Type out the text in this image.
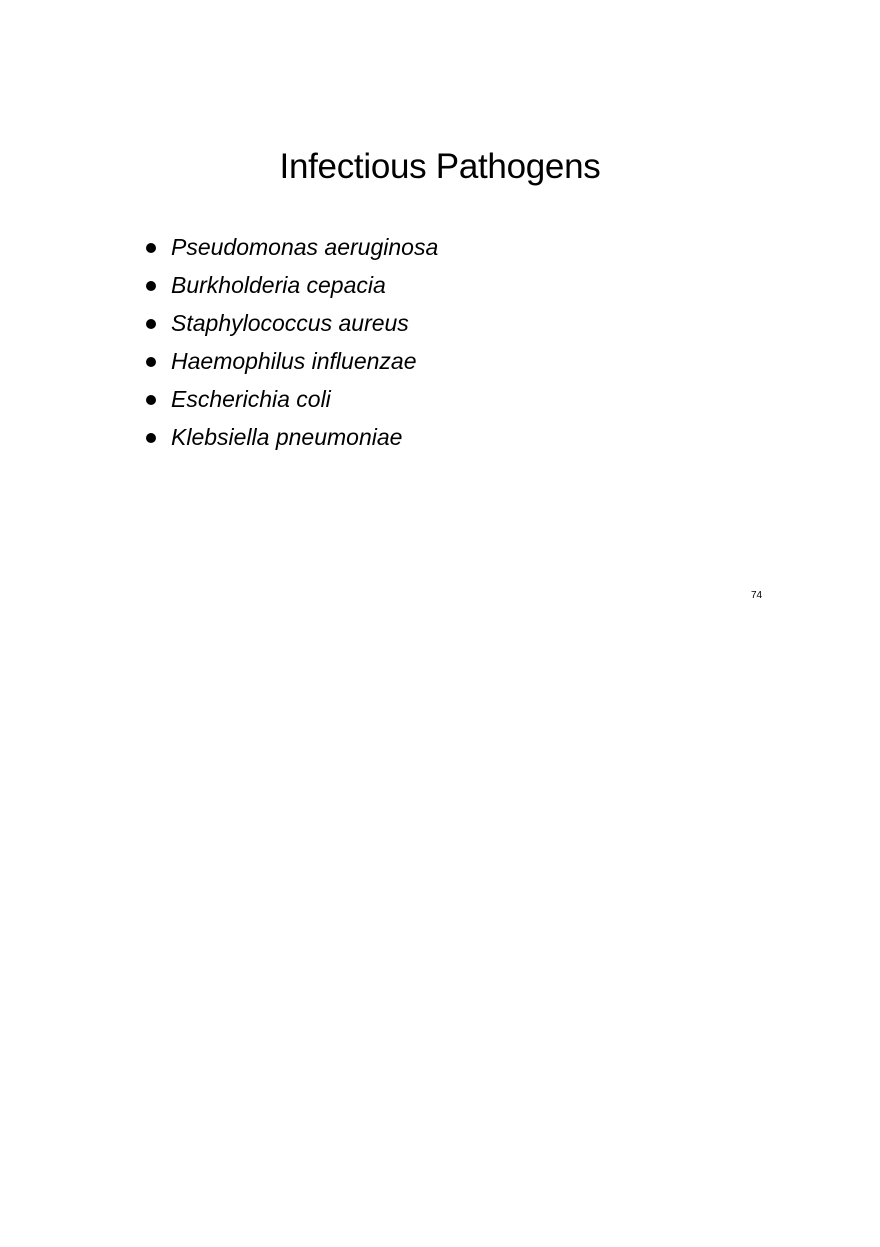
Infectious Pathogens
Pseudomonas aeruginosa
Burkholderia cepacia
Staphylococcus aureus
Haemophilus influenzae
Escherichia coli
Klebsiella pneumoniae
74
